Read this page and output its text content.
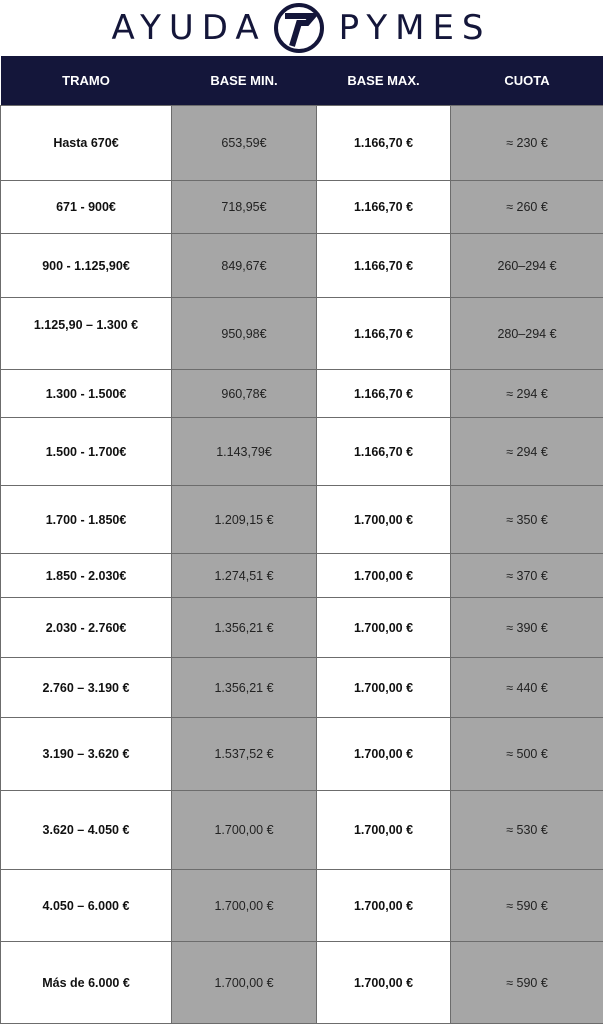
AYUDA PYMES
TRAMO	BASE MIN.	BASE MAX.	CUOTA
Hasta 670€	653,59€	1.166,70 €	≈ 230 €
671 - 900€	718,95€	1.166,70 €	≈ 260 €
900 - 1.125,90€	849,67€	1.166,70 €	260–294 €
1.125,90 – 1.300 €	950,98€	1.166,70 €	280–294 €
1.300 - 1.500€	960,78€	1.166,70 €	≈ 294 €
1.500 - 1.700€	1.143,79€	1.166,70 €	≈ 294 €
1.700 - 1.850€	1.209,15 €	1.700,00 €	≈ 350 €
1.850 - 2.030€	1.274,51 €	1.700,00 €	≈ 370 €
2.030 - 2.760€	1.356,21 €	1.700,00 €	≈ 390 €
2.760 – 3.190 €	1.356,21 €	1.700,00 €	≈ 440 €
3.190 – 3.620 €	1.537,52 €	1.700,00 €	≈ 500 €
3.620 – 4.050 €	1.700,00 €	1.700,00 €	≈ 530 €
4.050 – 6.000 €	1.700,00 €	1.700,00 €	≈ 590 €
Más de 6.000 €	1.700,00 €	1.700,00 €	≈ 590 €
